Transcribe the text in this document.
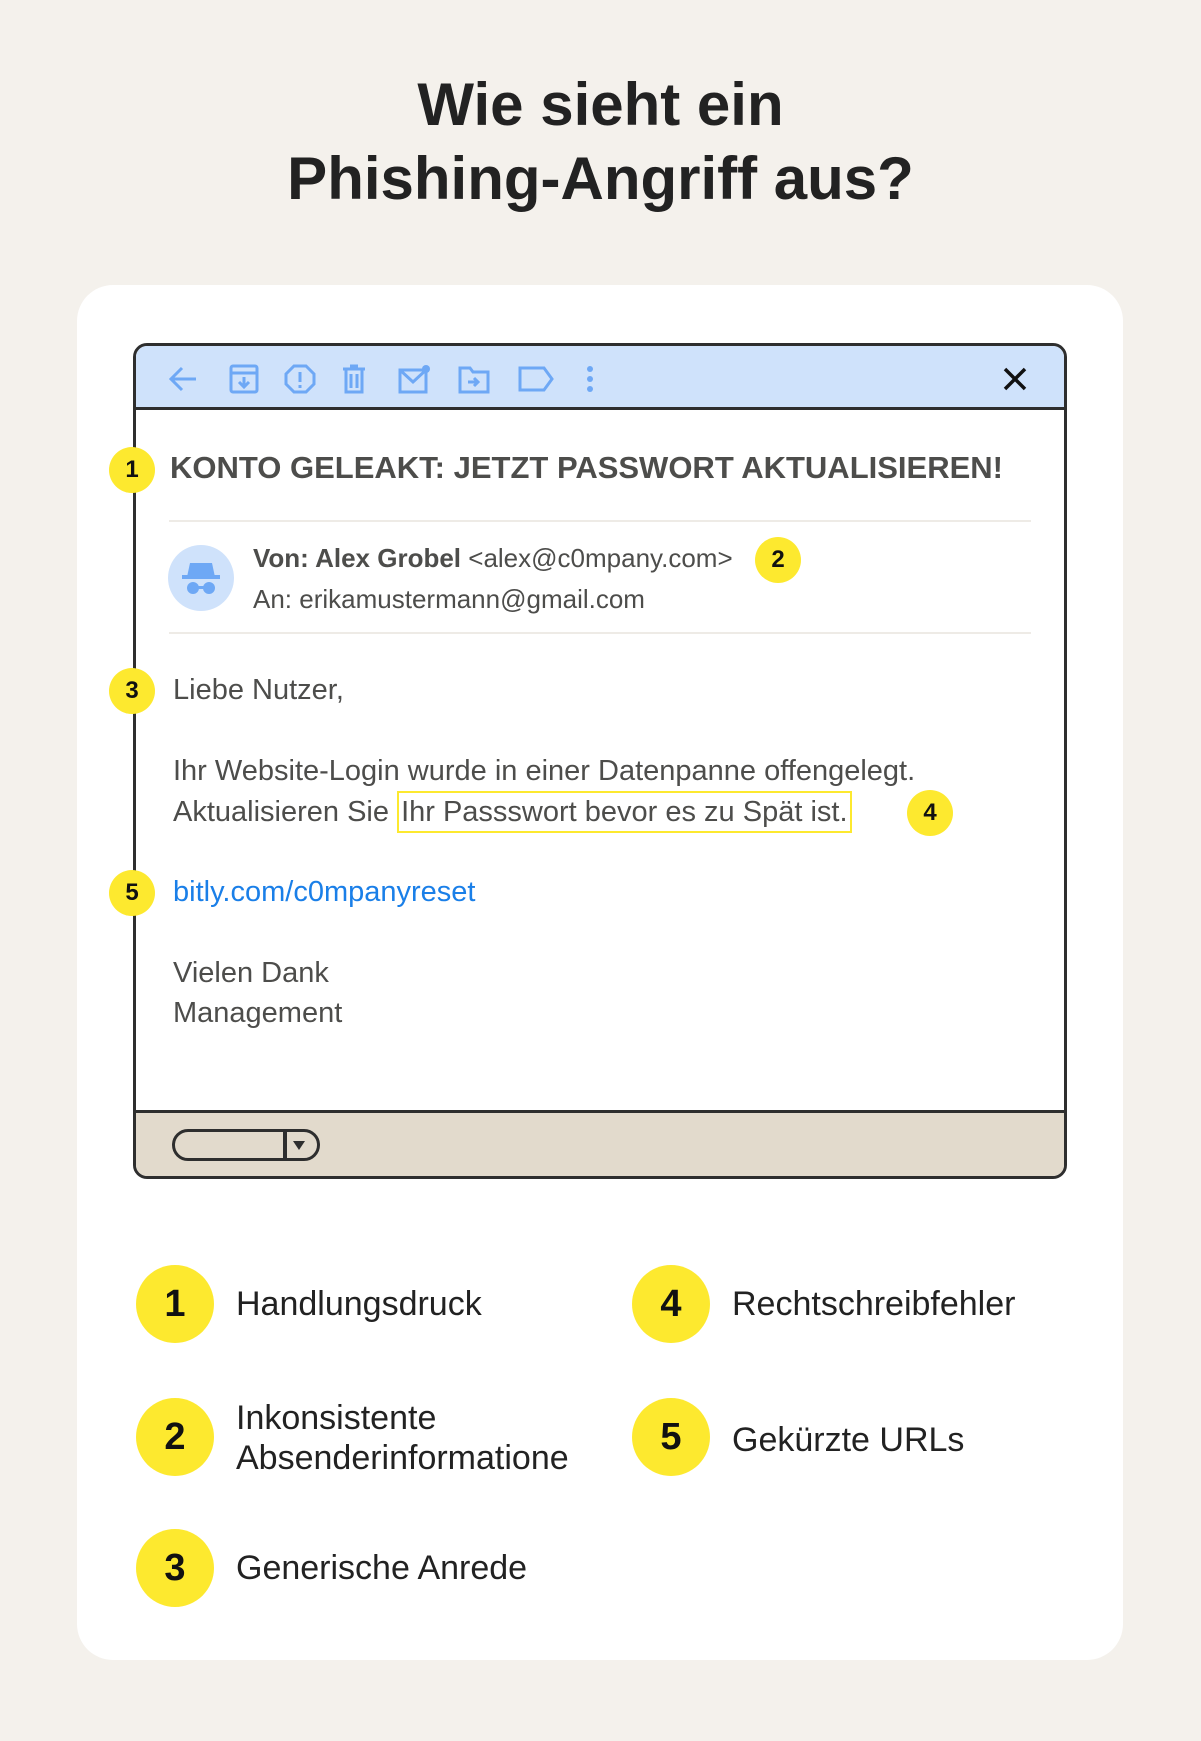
Wie sieht ein
Phishing-Angriff aus?
KONTO GELEAKT: JETZT PASSWORT AKTUALISIEREN!
Von: Alex Grobel <alex@c0mpany.com>
An: erikamustermann@gmail.com
Liebe Nutzer,
Ihr Website-Login wurde in einer Datenpanne offengelegt.
Aktualisieren Sie Ihr Passswort bevor es zu Spät ist.
bitly.com/c0mpanyreset
Vielen Dank
Management
1
2
3
4
5
1	Handlungsdruck
2	Inkonsistente Absenderinformatione
3	Generische Anrede
4	Rechtschreibfehler
5	Gekürzte URLs
